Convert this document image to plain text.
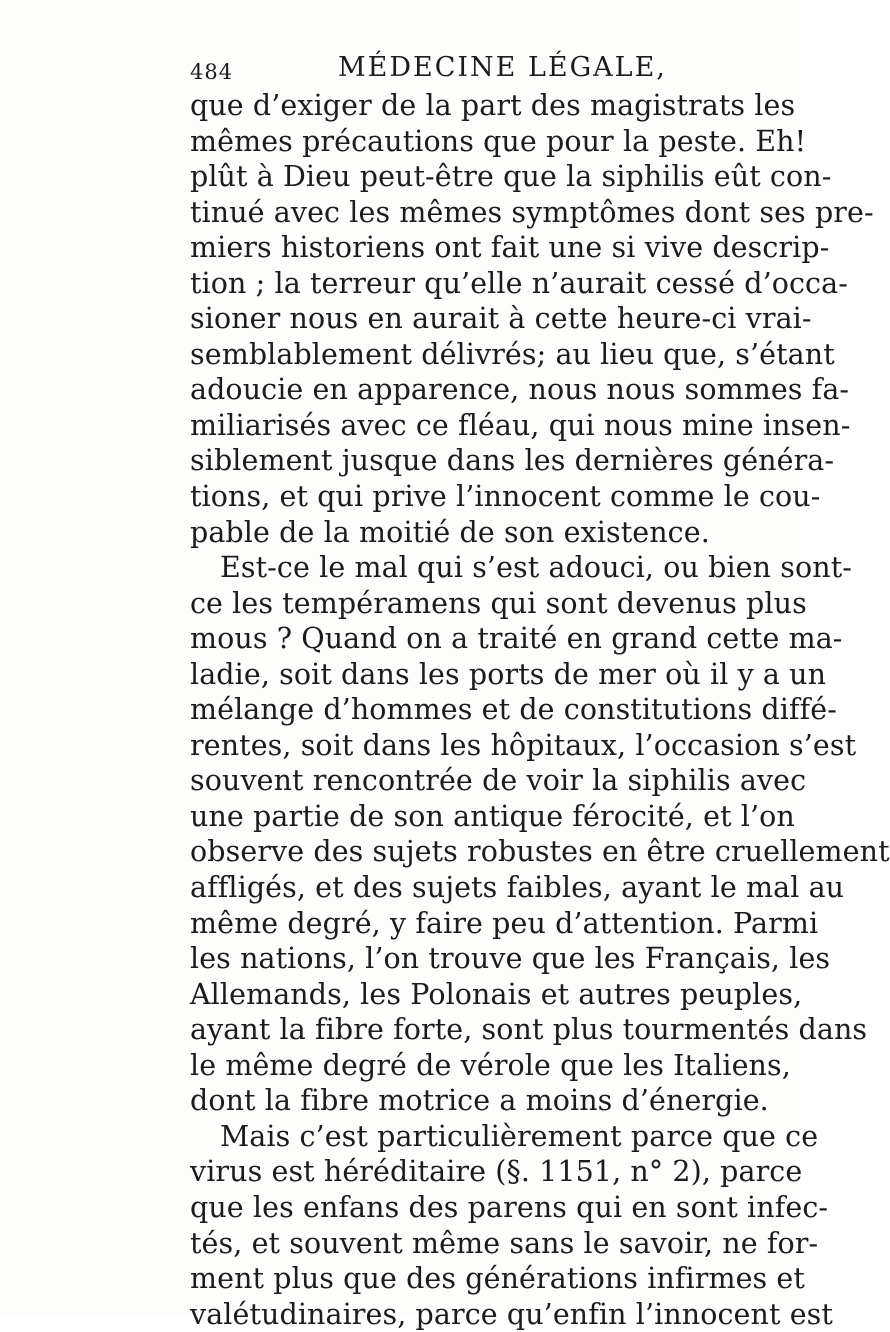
484	MÉDECINE LÉGALE,
que d’exiger de la part des magistrats les
mêmes précautions que pour la peste. Eh!
plût à Dieu peut-être que la siphilis eût con-
tinué avec les mêmes symptômes dont ses pre-
miers historiens ont fait une si vive descrip-
tion ; la terreur qu’elle n’aurait cessé d’occa-
sioner nous en aurait à cette heure-ci vrai-
semblablement délivrés; au lieu que, s’étant
adoucie en apparence, nous nous sommes fa-
miliarisés avec ce fléau, qui nous mine insen-
siblement jusque dans les dernières généra-
tions, et qui prive l’innocent comme le cou-
pable de la moitié de son existence.
Est-ce le mal qui s’est adouci, ou bien sont-
ce les tempéramens qui sont devenus plus
mous ? Quand on a traité en grand cette ma-
ladie, soit dans les ports de mer où il y a un
mélange d’hommes et de constitutions diffé-
rentes, soit dans les hôpitaux, l’occasion s’est
souvent rencontrée de voir la siphilis avec
une partie de son antique férocité, et l’on
observe des sujets robustes en être cruellement
affligés, et des sujets faibles, ayant le mal au
même degré, y faire peu d’attention. Parmi
les nations, l’on trouve que les Français, les
Allemands, les Polonais et autres peuples,
ayant la fibre forte, sont plus tourmentés dans
le même degré de vérole que les Italiens,
dont la fibre motrice a moins d’énergie.
Mais c’est particulièrement parce que ce
virus est héréditaire (§. 1151, n° 2), parce
que les enfans des parens qui en sont infec-
tés, et souvent même sans le savoir, ne for-
ment plus que des générations infirmes et
valétudinaires, parce qu’enfin l’innocent est
